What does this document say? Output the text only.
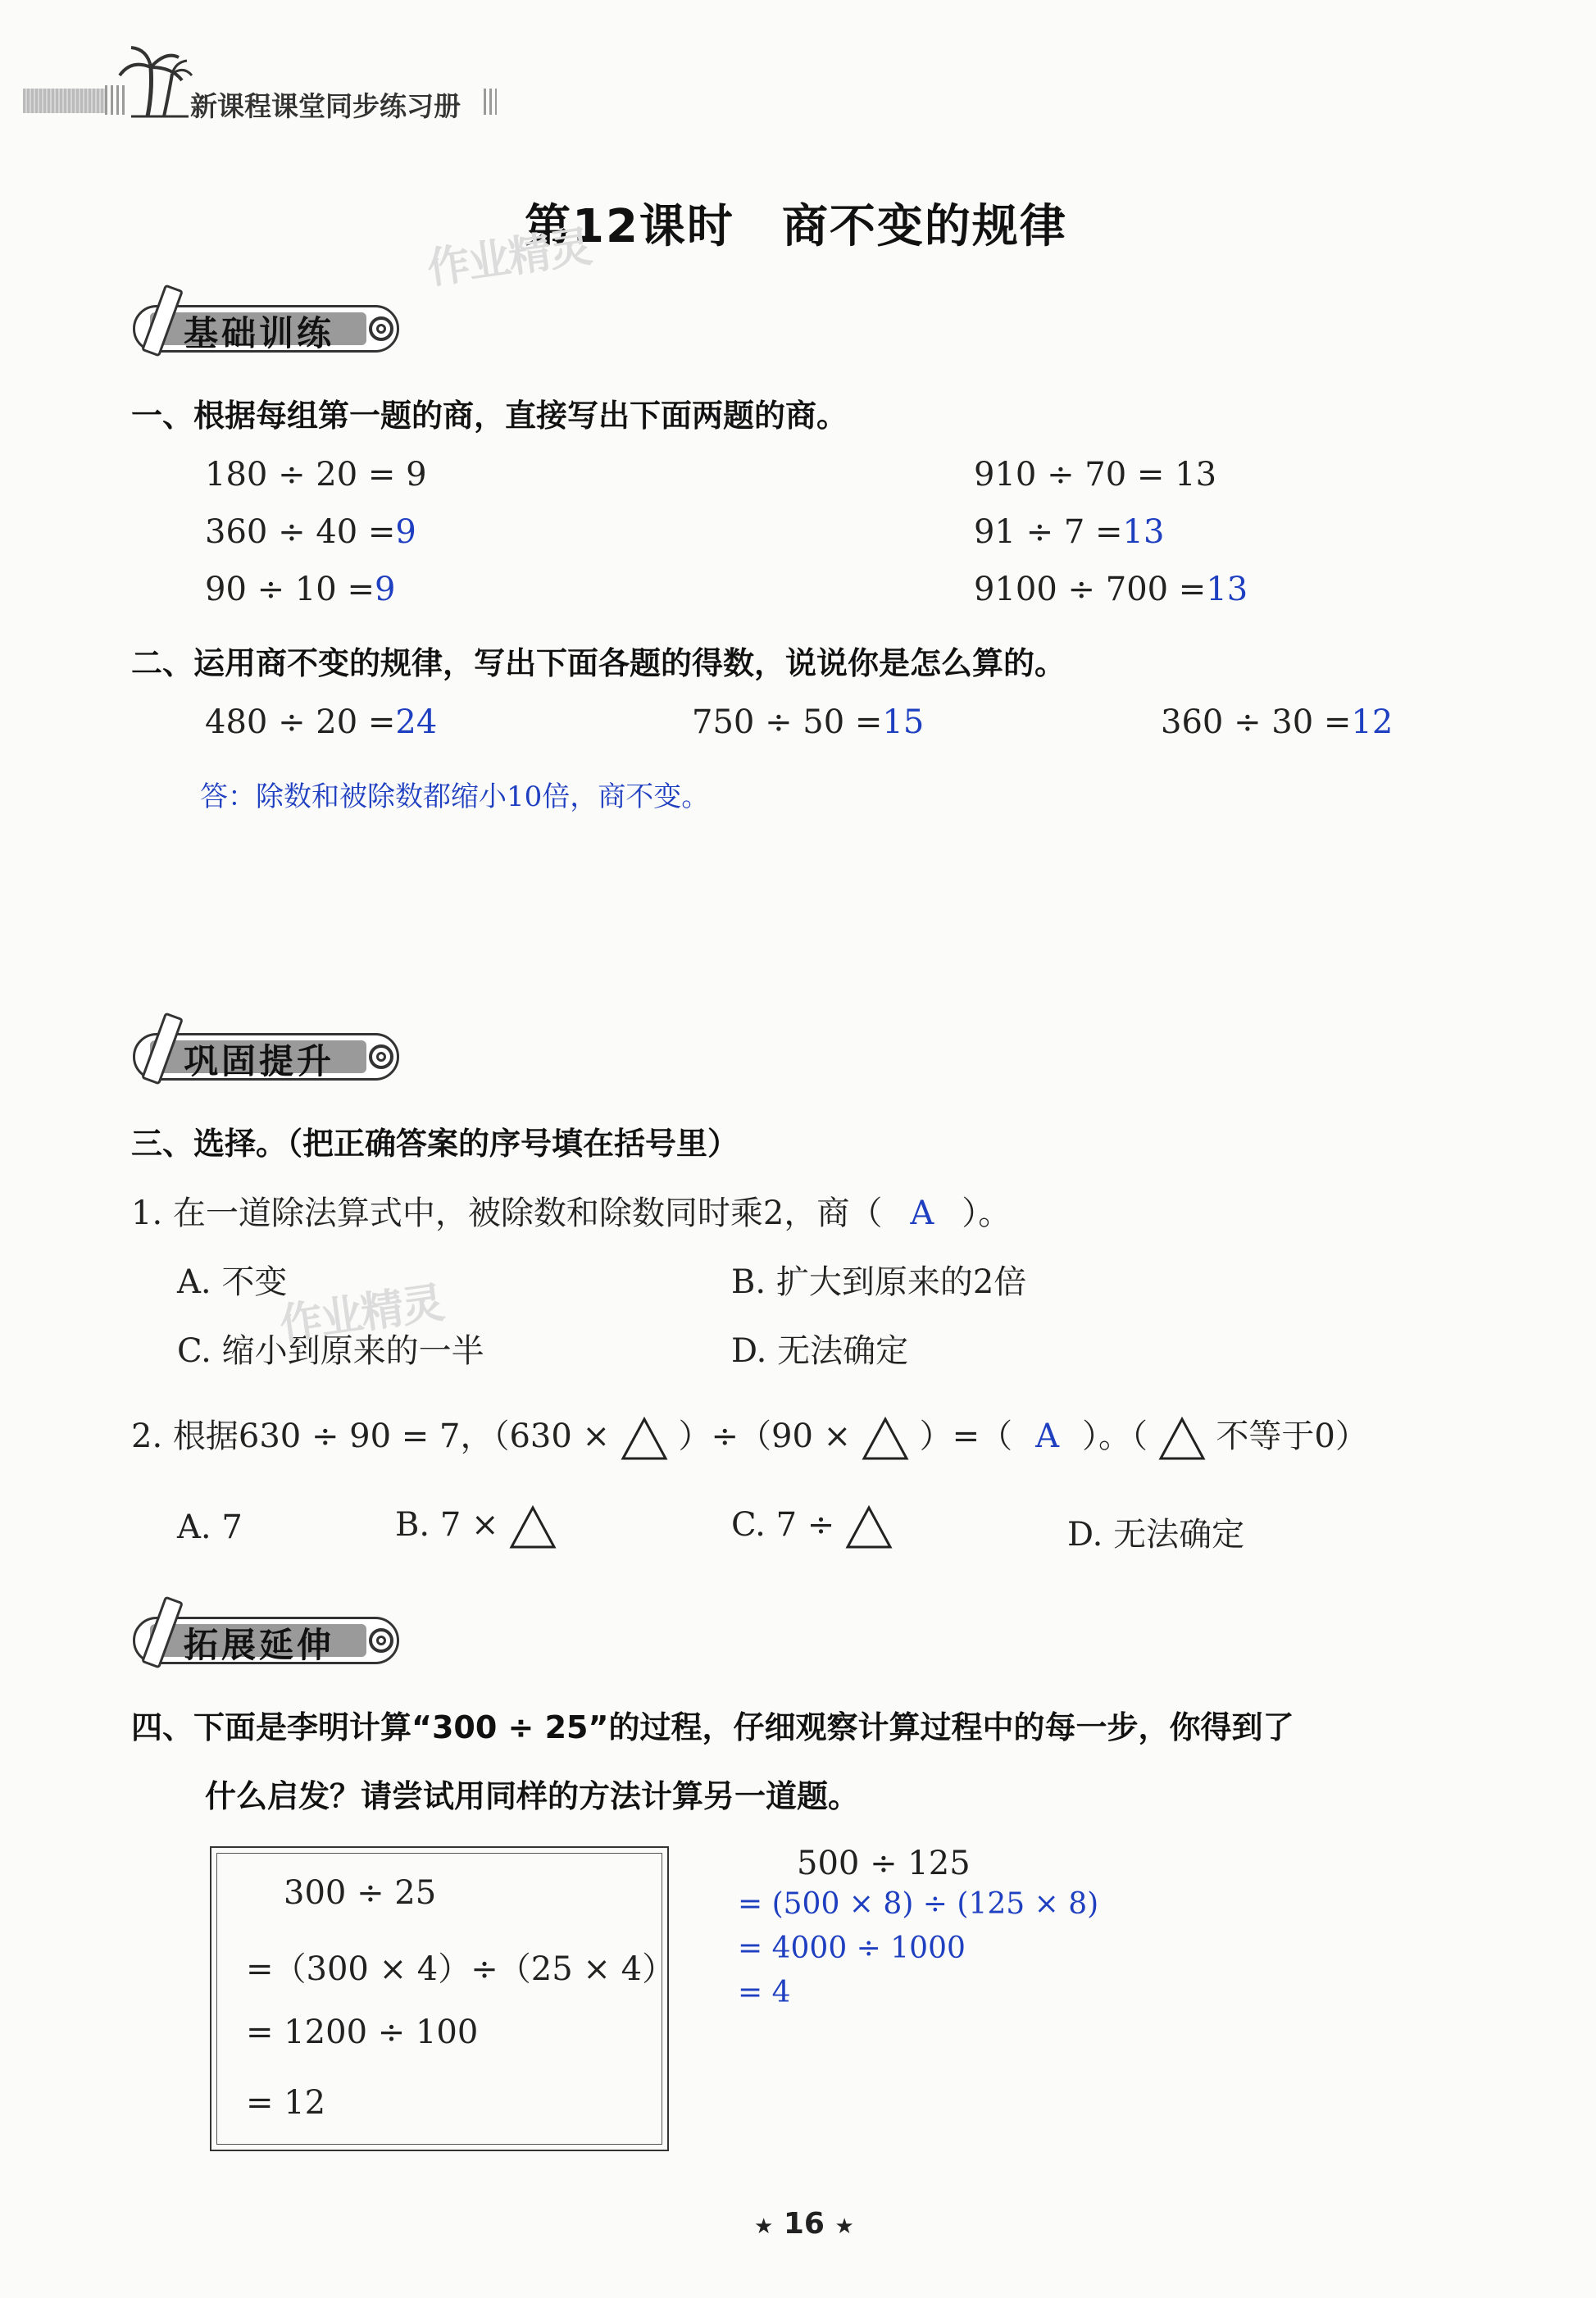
新课程课堂同步练习册
第12课时　商不变的规律
作业精灵
基础训练
一、根据每组第一题的商，直接写出下面两题的商。
180 ÷ 20 = 9
360 ÷ 40 =9
90 ÷ 10 =9
910 ÷ 70 = 13
91 ÷ 7 =13
9100 ÷ 700 =13
二、运用商不变的规律，写出下面各题的得数，说说你是怎么算的。
480 ÷ 20 =24	750 ÷ 50 =15	360 ÷ 30 =12
答：除数和被除数都缩小10倍，商不变。
巩固提升
三、选择。（把正确答案的序号填在括号里）
1. 在一道除法算式中，被除数和除数同时乘2，商（ A ）。
A. 不变	B. 扩大到原来的2倍
C. 缩小到原来的一半	D. 无法确定
作业精灵
2. 根据630 ÷ 90 = 7，（630 × ）÷（90 × ）=（ A ）。（ 不等于0）
A. 7	B. 7 ×	C. 7 ÷	D. 无法确定
拓展延伸
四、下面是李明计算“300 ÷ 25”的过程，仔细观察计算过程中的每一步，你得到了
什么启发？请尝试用同样的方法计算另一道题。
300 ÷ 25
=（300 × 4）÷（25 × 4）
= 1200 ÷ 100
= 12
500 ÷ 125
= (500 × 8) ÷ (125 × 8)
= 4000 ÷ 1000
= 4
★ 16 ★
